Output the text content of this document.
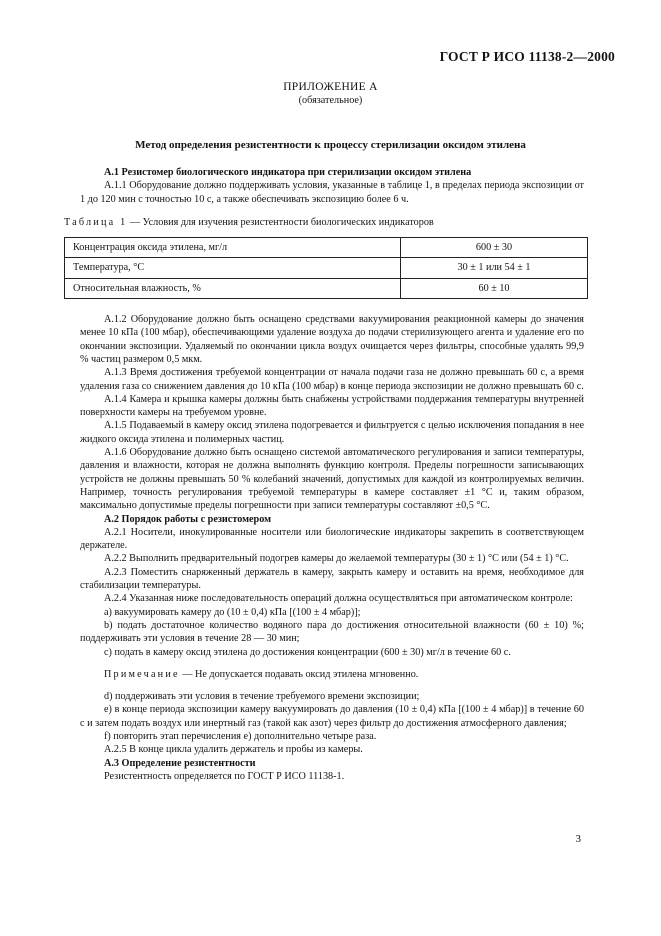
ГОСТ Р ИСО 11138-2—2000
ПРИЛОЖЕНИЕ А
(обязательное)
Метод определения резистентности к процессу стерилизации оксидом этилена

A.1 Резистомер биологического индикатора при стерилизации оксидом этилена

А.1.1 Оборудование должно поддерживать условия, указанные в таблице 1, в пределах периода экспозиции от 1 до 120 мин с точностью 10 с, а также обеспечивать экспозицию более 6 ч.

Таблица 1 — Условия для изучения резистентности биологических индикаторов

Концентрация оксида этилена, мг/л	600 ± 30
Температура, °С	30 ± 1 или 54 ± 1
Относительная влажность, %	60 ± 10

А.1.2 Оборудование должно быть оснащено средствами вакуумирования реакционной камеры до значения менее 10 кПа (100 мбар), обеспечивающими удаление воздуха до подачи стерилизующего агента и удаление его по окончании экспозиции. Удаляемый по окончании цикла воздух очищается через фильтры, способные удалять 99,9 % частиц размером 0,5 мкм.

А.1.3 Время достижения требуемой концентрации от начала подачи газа не должно превышать 60 с, а время удаления газа со снижением давления до 10 кПа (100 мбар) в конце периода экспозиции не должно превышать 60 с.

А.1.4 Камера и крышка камеры должны быть снабжены устройствами поддержания температуры внутренней поверхности камеры на требуемом уровне.

А.1.5 Подаваемый в камеру оксид этилена подогревается и фильтруется с целью исключения попадания в нее жидкого оксида этилена и полимерных частиц.

А.1.6 Оборудование должно быть оснащено системой автоматического регулирования и записи температуры, давления и влажности, которая не должна выполнять функцию контроля. Пределы погрешности записывающих устройств не должны превышать 50 % колебаний значений, допустимых для каждой из контролируемых величин. Например, точность регулирования требуемой температуры в камере составляет ±1 °С и, таким образом, максимально допустимые пределы погрешности при записи температуры составляют ±0,5 °С.

А.2 Порядок работы с резистомером

А.2.1 Носители, инокулированные носители или биологические индикаторы закрепить в соответствующем держателе.

А.2.2 Выполнить предварительный подогрев камеры до желаемой температуры (30 ± 1) °С или (54 ± 1) °С.

А.2.3 Поместить снаряженный держатель в камеру, закрыть камеру и оставить на время, необходимое для стабилизации температуры.

А.2.4 Указанная ниже последовательность операций должна осуществляться при автоматическом контроле:

а) вакуумировать камеру до (10 ± 0,4) кПа [(100 ± 4 мбар)];

b) подать достаточное количество водяного пара до достижения относительной влажности (60 ± 10) %; поддерживать эти условия в течение 28 — 30 мин;

с) подать в камеру оксид этилена до достижения концентрации (600 ± 30) мг/л в течение 60 с.

Примечание — Не допускается подавать оксид этилена мгновенно.

d) поддерживать эти условия в течение требуемого времени экспозиции;

е) в конце периода экспозиции камеру вакуумировать до давления (10 ± 0,4) кПа [(100 ± 4 мбар)] в течение 60 с и затем подать воздух или инертный газ (такой как азот) через фильтр до достижения атмосферного давления;

f) повторить этап перечисления е) дополнительно четыре раза.

А.2.5 В конце цикла удалить держатель и пробы из камеры.

А.3 Определение резистентности

Резистентность определяется по ГОСТ Р ИСО 11138-1.

3
